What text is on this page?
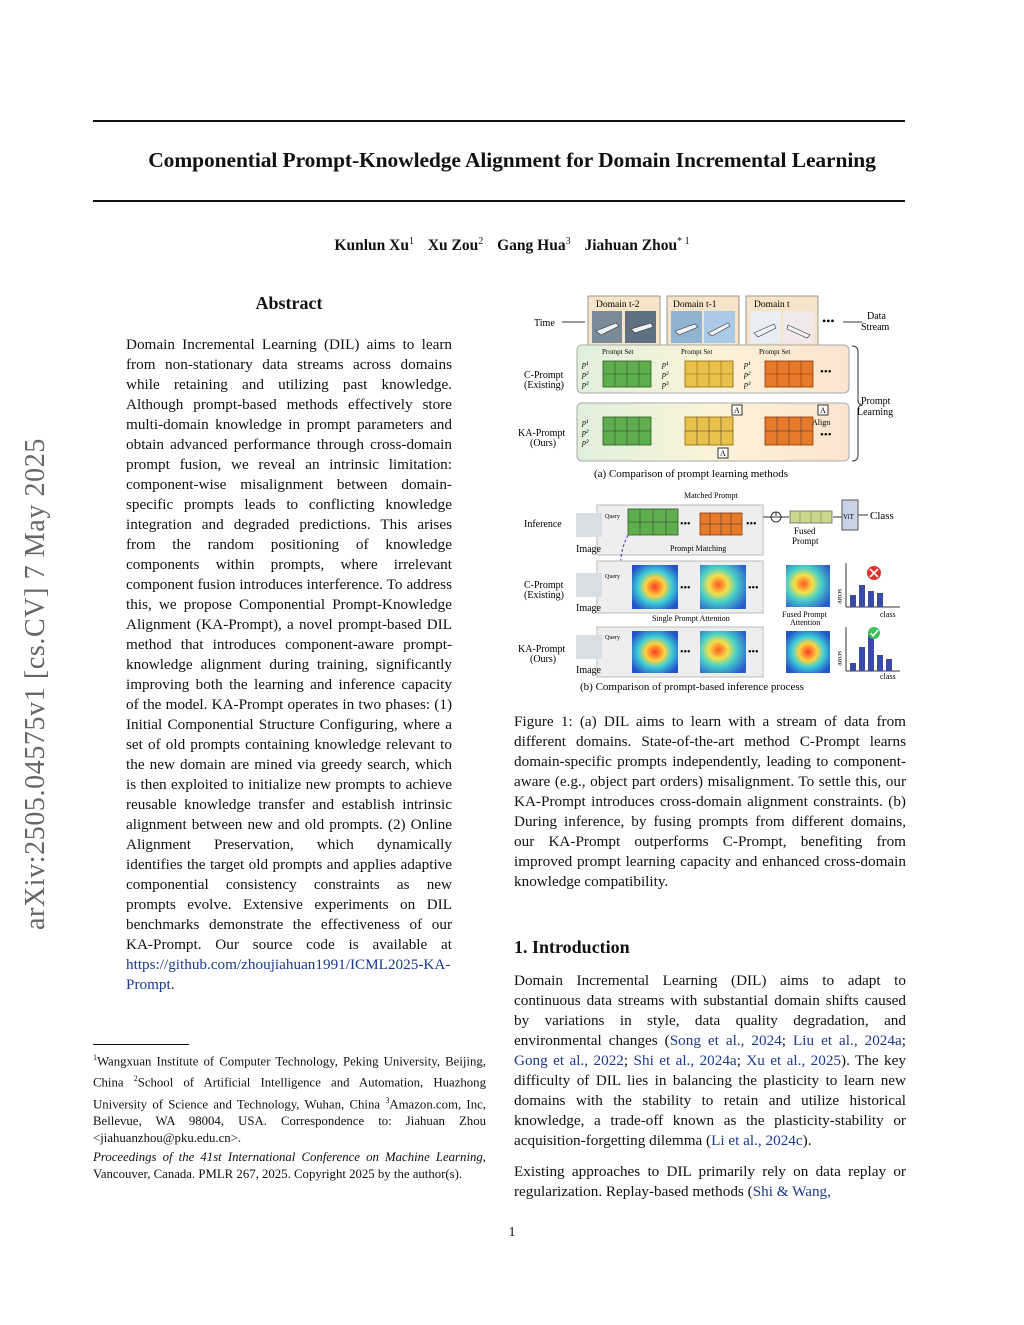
Componential Prompt-Knowledge Alignment for Domain Incremental Learning
Kunlun Xu$^1$ Xu Zou$^2$ Gang Hua$^3$ Jiahuan Zhou$^{* 1}$
arXiv:2505.04575v1 [cs.CV] 7 May 2025
Abstract
Domain Incremental Learning (DIL) aims to learn from non-stationary data streams across domains while retaining and utilizing past knowledge. Although prompt-based methods effectively store multi-domain knowledge in prompt parameters and obtain advanced performance through cross-domain prompt fusion, we reveal an intrinsic limitation: component-wise misalignment between domain-specific prompts leads to conflicting knowledge integration and degraded predictions. This arises from the random positioning of knowledge components within prompts, where irrelevant component fusion introduces interference. To address this, we propose Componential Prompt-Knowledge Alignment (KA-Prompt), a novel prompt-based DIL method that introduces component-aware prompt-knowledge alignment during training, significantly improving both the learning and inference capacity of the model. KA-Prompt operates in two phases: (1) Initial Componential Structure Configuring, where a set of old prompts containing knowledge relevant to the new domain are mined via greedy search, which is then exploited to initialize new prompts to achieve reusable knowledge transfer and establish intrinsic alignment between new and old prompts. (2) Online Alignment Preservation, which dynamically identifies the target old prompts and applies adaptive componential consistency constraints as new prompts evolve. Extensive experiments on DIL benchmarks demonstrate the effectiveness of our KA-Prompt. Our source code is available at https://github.com/zhoujiahuan1991/ICML2025-KA-Prompt.
$^1$Wangxuan Institute of Computer Technology, Peking University, Beijing, China $^2$School of Artificial Intelligence and Automation, Huazhong University of Science and Technology, Wuhan, China $^3$Amazon.com, Inc, Bellevue, WA 98004, USA. Correspondence to: Jiahuan Zhou <jiahuanzhou@pku.edu.cn>.
Proceedings of the 41st International Conference on Machine Learning, Vancouver, Canada. PMLR 267, 2025. Copyright 2025 by the author(s).
Time
Domain t-2	Domain t-1	Domain t
•••	Data
Stream
C-Prompt
(Existing)
Prompt Set
p¹
p²
p³
Prompt Set
p¹
p²
p³
Prompt Set
p¹
p²
p³
•••
KA-Prompt
(Ours)
p¹
p²
p³
A	A
A
Align
•••
Prompt
Learning
(a) Comparison of prompt learning methods
Matched Prompt
Inference
Query
Image
•••	•••
Prompt Matching
Fused
Prompt
ViT Class
C-Prompt
(Existing)
Query
Image
•••	•••
Single Prompt Attention	Fused Prompt
Attention
score
class
KA-Prompt
(Ours)
Query
Image
•••	•••	score
class
(b) Comparison of prompt-based inference process
Figure 1: (a) DIL aims to learn with a stream of data from different domains. State-of-the-art method C-Prompt learns domain-specific prompts independently, leading to component-aware (e.g., object part orders) misalignment. To settle this, our KA-Prompt introduces cross-domain alignment constraints. (b) During inference, by fusing prompts from different domains, our KA-Prompt outperforms C-Prompt, benefiting from improved prompt learning capacity and enhanced cross-domain knowledge compatibility.
1. Introduction
Domain Incremental Learning (DIL) aims to adapt to continuous data streams with substantial domain shifts caused by variations in style, data quality degradation, and environmental changes (Song et al., 2024; Liu et al., 2024a; Gong et al., 2022; Shi et al., 2024a; Xu et al., 2025). The key difficulty of DIL lies in balancing the plasticity to learn new domains with the stability to retain and utilize historical knowledge, a trade-off known as the plasticity-stability or acquisition-forgetting dilemma (Li et al., 2024c).
Existing approaches to DIL primarily rely on data replay or regularization. Replay-based methods (Shi & Wang,
1
